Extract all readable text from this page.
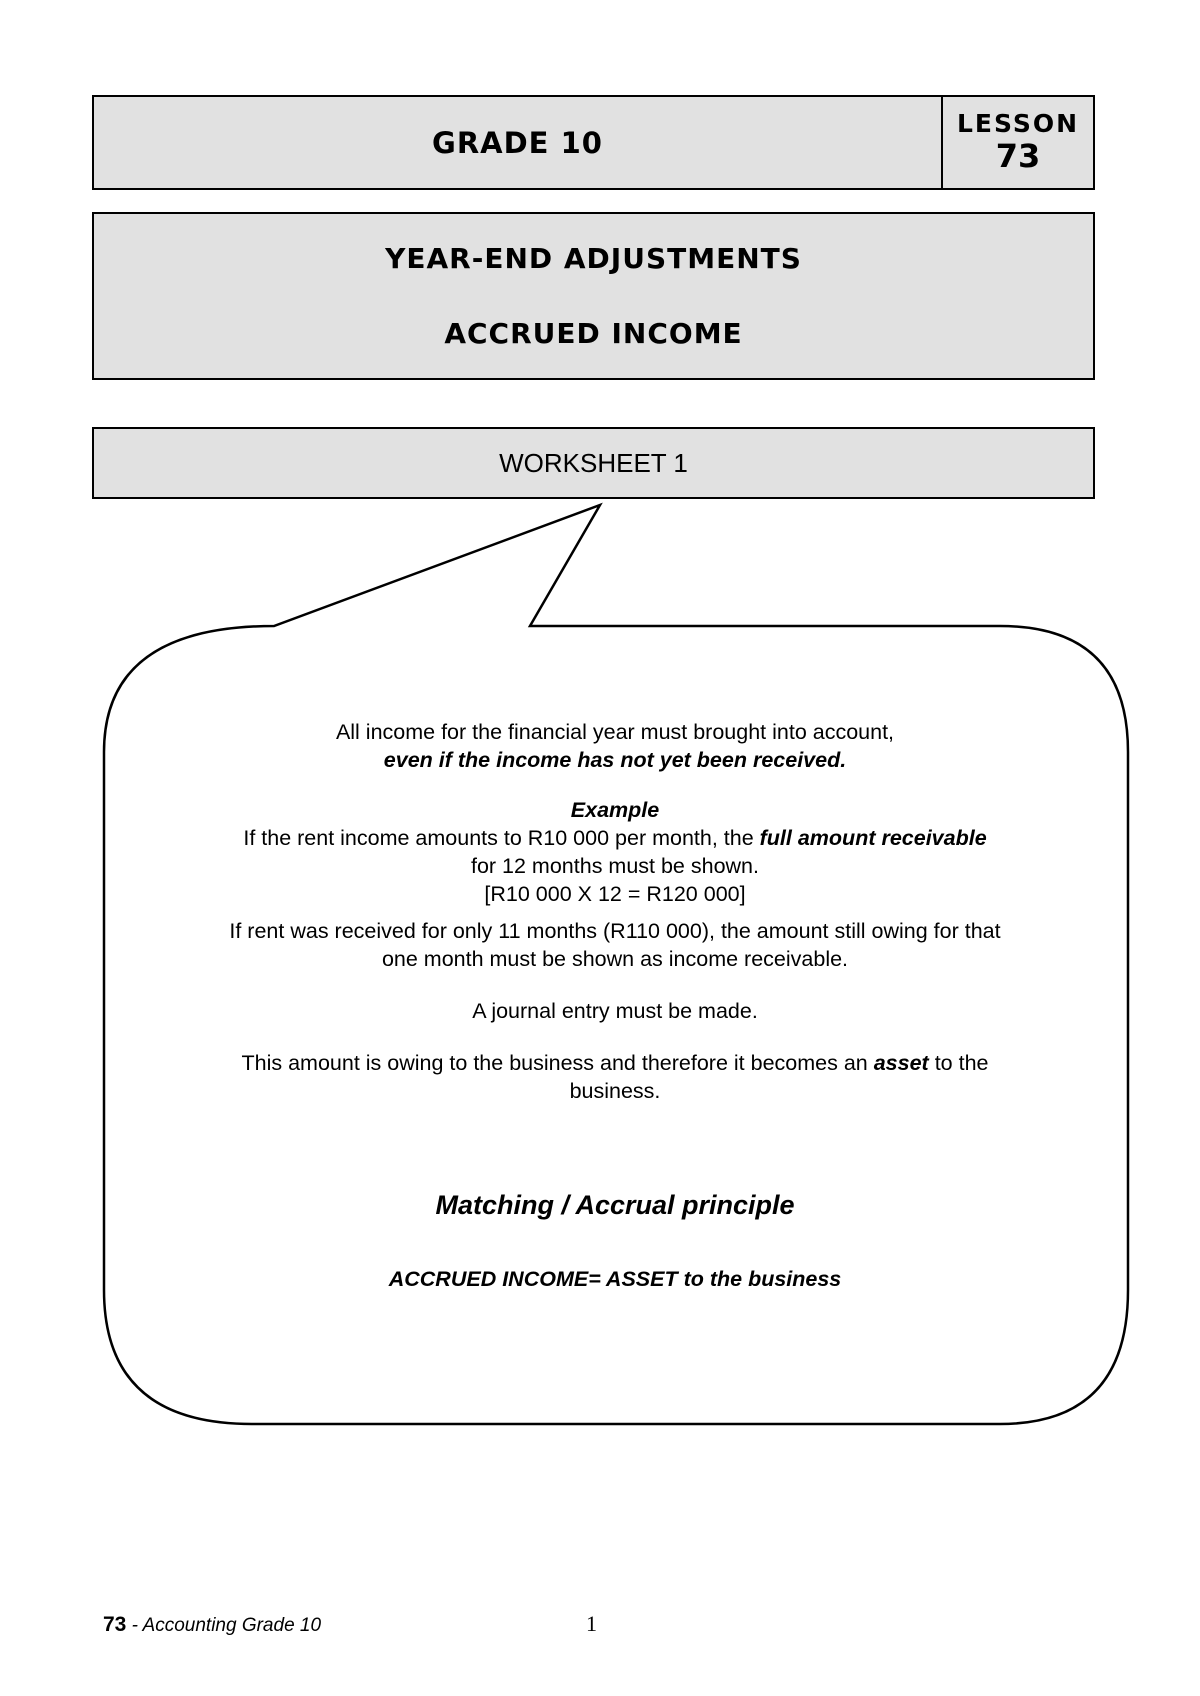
GRADE 10
LESSON
73
YEAR-END ADJUSTMENTS
ACCRUED INCOME
WORKSHEET 1

All income for the financial year must brought into account,

even if the income has not yet been received.

Example

If the rent income amounts to R10 000 per month, the full amount receivable

for 12 months must be shown.

[R10 000 X 12 = R120 000]

If rent was received for only 11 months (R110 000), the amount still owing for that

one month must be shown as income receivable.

A journal entry must be made.

This amount is owing to the business and therefore it becomes an asset to the

business.

Matching / Accrual principle

ACCRUED INCOME= ASSET to the business

73 - Accounting Grade 10	1
